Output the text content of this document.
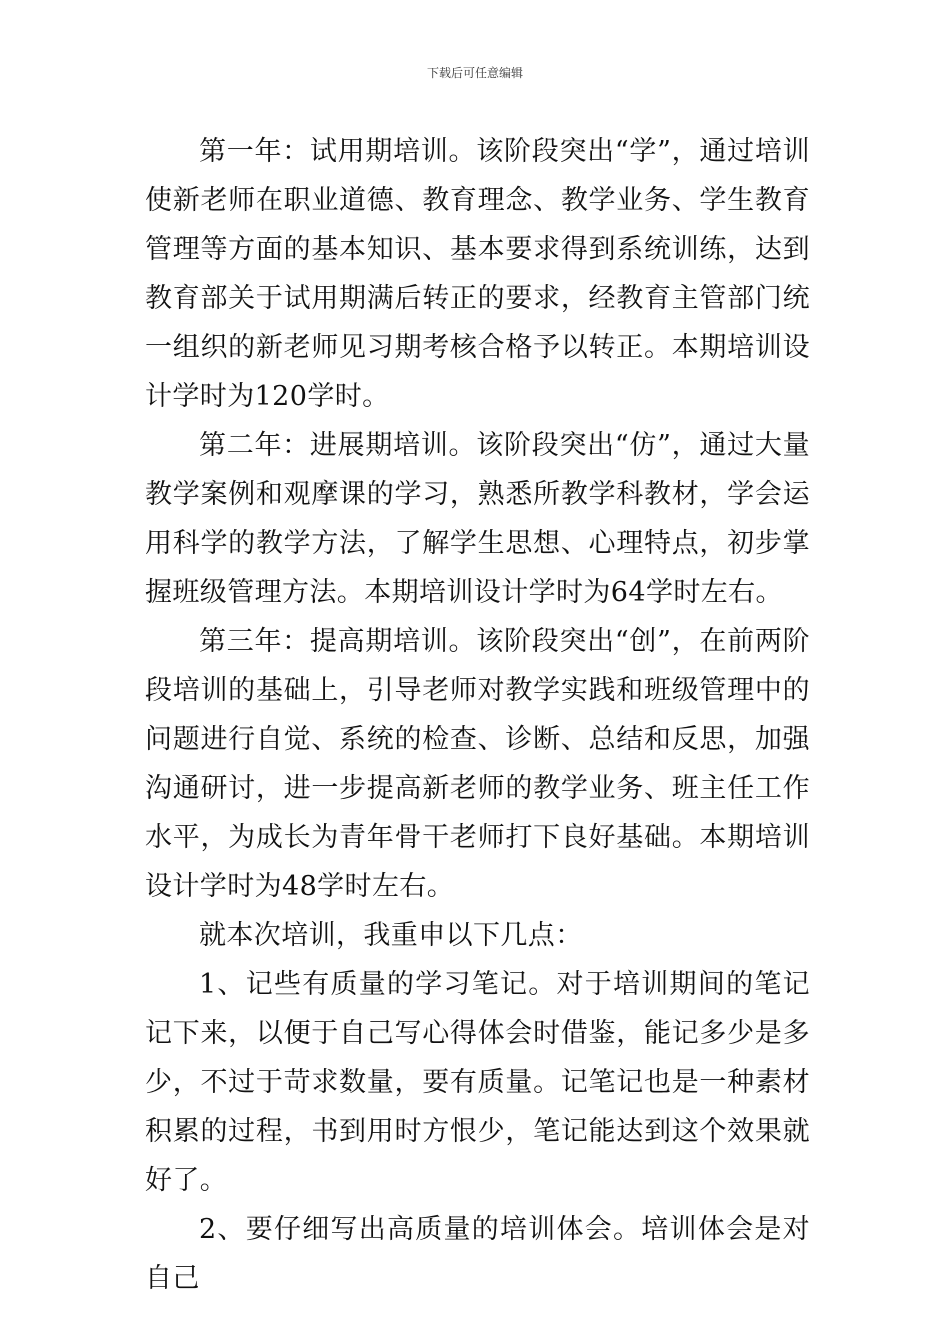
下载后可任意编辑

第一年：试用期培训。该阶段突出“学”，通过培训使新老师在职业道德、教育理念、教学业务、学生教育管理等方面的基本知识、基本要求得到系统训练，达到教育部关于试用期满后转正的要求，经教育主管部门统一组织的新老师见习期考核合格予以转正。本期培训设计学时为120学时。

第二年：进展期培训。该阶段突出“仿”，通过大量教学案例和观摩课的学习，熟悉所教学科教材，学会运用科学的教学方法，了解学生思想、心理特点，初步掌握班级管理方法。本期培训设计学时为64学时左右。

第三年：提高期培训。该阶段突出“创”，在前两阶段培训的基础上，引导老师对教学实践和班级管理中的问题进行自觉、系统的检查、诊断、总结和反思，加强沟通研讨，进一步提高新老师的教学业务、班主任工作水平，为成长为青年骨干老师打下良好基础。本期培训设计学时为48学时左右。

就本次培训，我重申以下几点：

1、记些有质量的学习笔记。对于培训期间的笔记记下来，以便于自己写心得体会时借鉴，能记多少是多少，不过于苛求数量，要有质量。记笔记也是一种素材积累的过程，书到用时方恨少，笔记能达到这个效果就好了。

2、要仔细写出高质量的培训体会。培训体会是对自己
